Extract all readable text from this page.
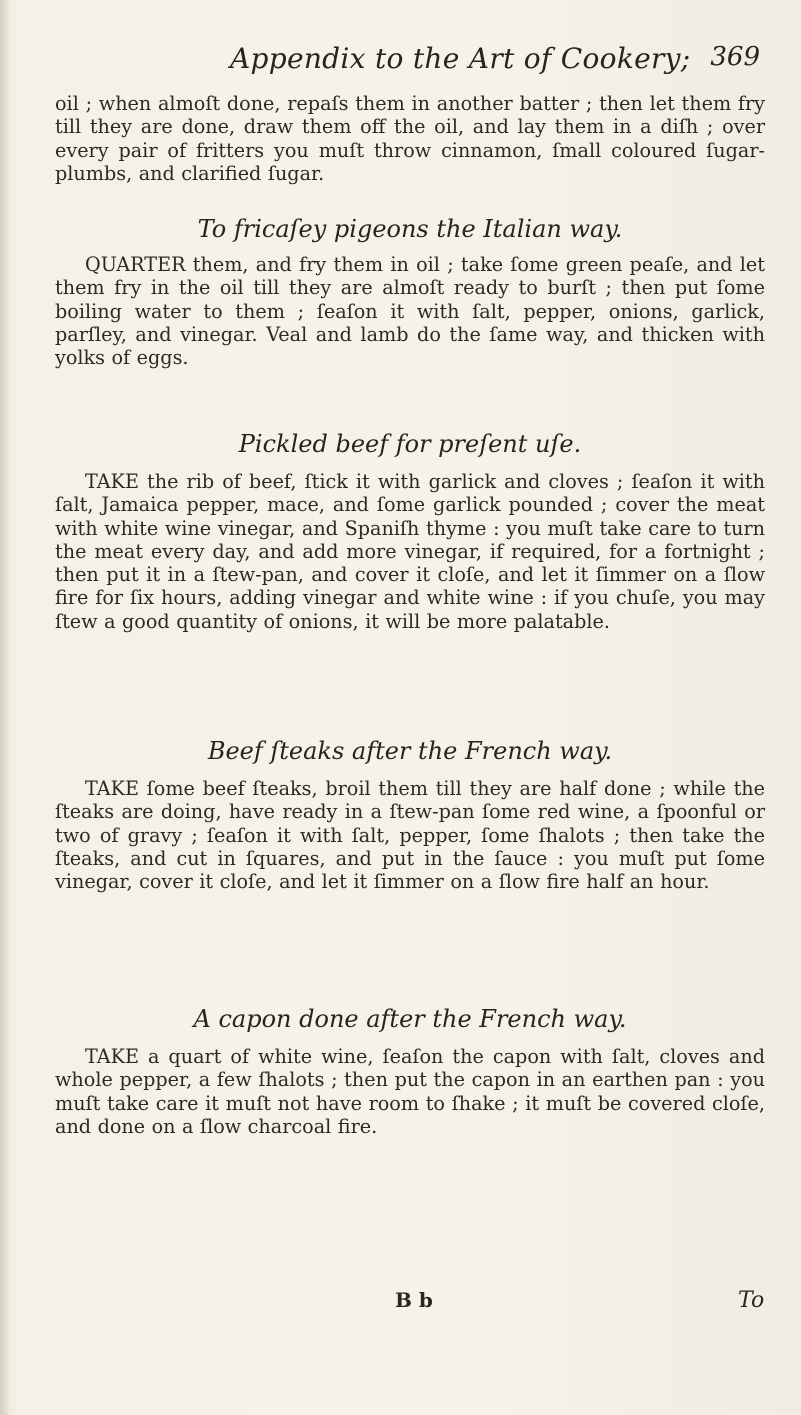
Appendix to the Art of Cookery; 369

oil ; when almoſt done, repaſs them in another batter ; then let them fry till they are done, draw them off the oil, and lay them in a diſh ; over every pair of fritters you muſt throw cinnamon, ſmall coloured ſugar-plumbs, and clarified ſugar.

To fricaſey pigeons the Italian way.

QUARTER them, and fry them in oil ; take ſome green peaſe, and let them fry in the oil till they are almoſt ready to burſt ; then put ſome boiling water to them ; ſeaſon it with ſalt, pepper, onions, garlick, parſley, and vinegar. Veal and lamb do the ſame way, and thicken with yolks of eggs.

Pickled beef for preſent uſe.

TAKE the rib of beef, ſtick it with garlick and cloves ; ſeaſon it with ſalt, Jamaica pepper, mace, and ſome garlick pounded ; cover the meat with white wine vinegar, and Spaniſh thyme : you muſt take care to turn the meat every day, and add more vinegar, if required, for a fortnight ; then put it in a ſtew-pan, and cover it cloſe, and let it ſimmer on a ſlow fire for ſix hours, adding vinegar and white wine : if you chuſe, you may ſtew a good quantity of onions, it will be more palatable.

Beef ſteaks after the French way.

TAKE ſome beef ſteaks, broil them till they are half done ; while the ſteaks are doing, have ready in a ſtew-pan ſome red wine, a ſpoonful or two of gravy ; ſeaſon it with ſalt, pepper, ſome ſhalots ; then take the ſteaks, and cut in ſquares, and put in the ſauce : you muſt put ſome vinegar, cover it cloſe, and let it ſimmer on a ſlow fire half an hour.

A capon done after the French way.

TAKE a quart of white wine, ſeaſon the capon with ſalt, cloves and whole pepper, a few ſhalots ; then put the capon in an earthen pan : you muſt take care it muſt not have room to ſhake ; it muſt be covered cloſe, and done on a ſlow charcoal fire.

B b	To
